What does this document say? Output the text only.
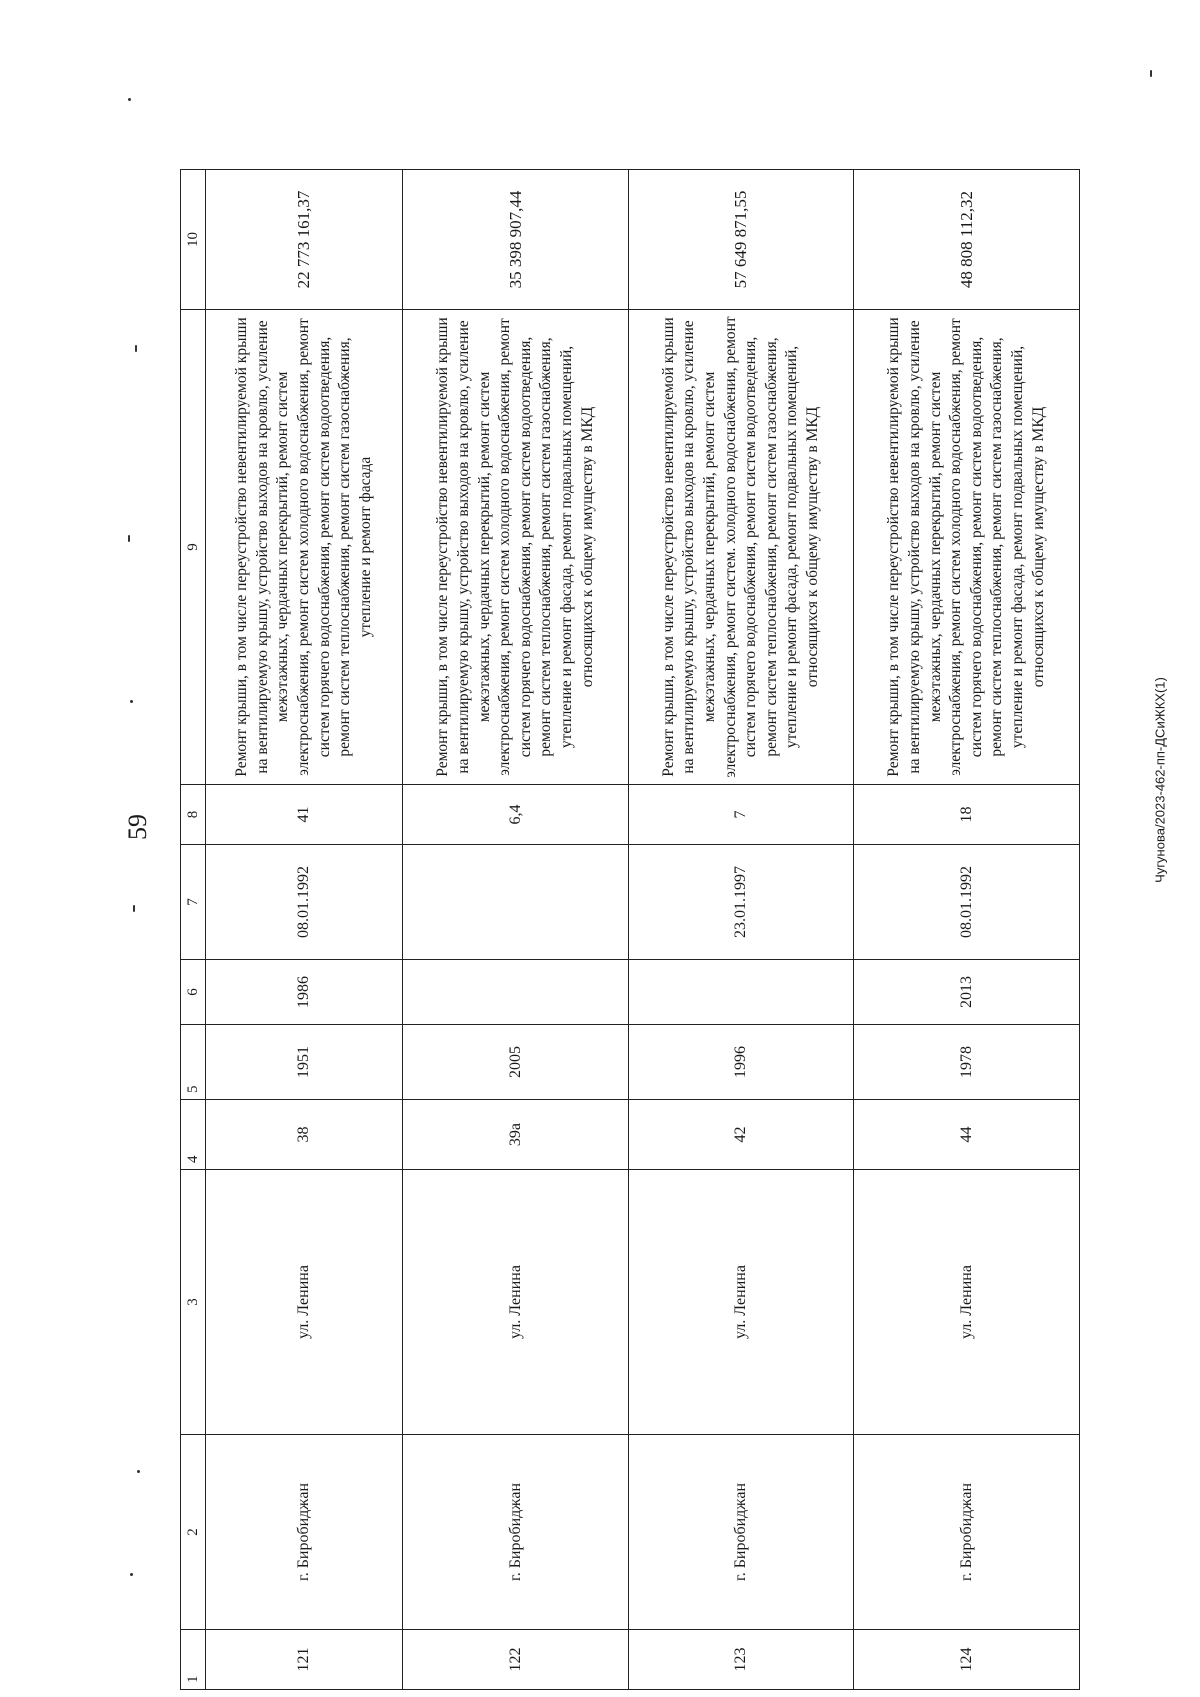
59	Чугунова/2023-462-пп-ДСиЖКХ(1)
1	2	3	4	5	6	7	8	9	10
121	г. Биробиджан	ул. Ленина	38	1951	1986	08.01.1992	41	Ремонт крыши, в том числе переустройство невентилируемой крыши на вентилируемую крышу, устройство выходов на кровлю, усиление межэтажных, чердачных перекрытий, ремонт систем электроснабжения, ремонт систем холодного водоснабжения, ремонт систем горячего водоснабжения, ремонт систем водоотведения, ремонт систем теплоснабжения, ремонт систем газоснабжения, утепление и ремонт фасада	22 773 161,37
122	г. Биробиджан	ул. Ленина	39а	2005			6,4	Ремонт крыши, в том числе переустройство невентилируемой крыши на вентилируемую крышу, устройство выходов на кровлю, усиление межэтажных, чердачных перекрытий, ремонт систем электроснабжения, ремонт систем холодного водоснабжения, ремонт систем горячего водоснабжения, ремонт систем водоотведения, ремонт систем теплоснабжения, ремонт систем газоснабжения, утепление и ремонт фасада, ремонт подвальных помещений, относящихся к общему имуществу в МКД	35 398 907,44
123	г. Биробиджан	ул. Ленина	42	1996		23.01.1997	7	Ремонт крыши, в том числе переустройство невентилируемой крыши на вентилируемую крышу, устройство выходов на кровлю, усиление межэтажных, чердачных перекрытий, ремонт систем электроснабжения, ремонт систем. холодного водоснабжения, ремонт систем горячего водоснабжения, ремонт систем водоотведения, ремонт систем теплоснабжения, ремонт систем газоснабжения, утепление и ремонт фасада, ремонт подвальных помещений, относящихся к общему имуществу в МКД	57 649 871,55
124	г. Биробиджан	ул. Ленина	44	1978	2013	08.01.1992	18	Ремонт крыши, в том числе переустройство невентилируемой крыши на вентилируемую крышу, устройство выходов на кровлю, усиление межэтажных, чердачных перекрытий, ремонт систем электроснабжения, ремонт систем холодного водоснабжения, ремонт систем горячего водоснабжения, ремонт систем водоотведения, ремонт систем теплоснабжения, ремонт систем газоснабжения, утепление и ремонт фасада, ремонт подвальных помещений, относящихся к общему имуществу в МКД	48 808 112,32
